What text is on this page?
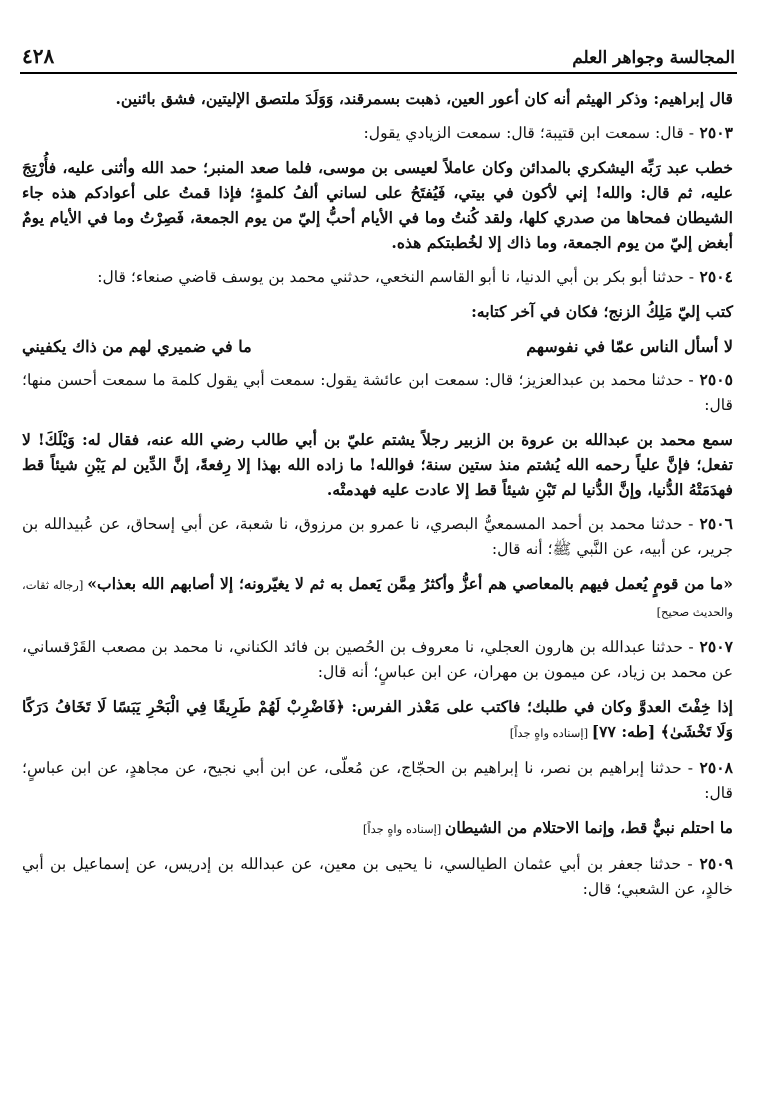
٤٢٨	المجالسة وجواهر العلم

قال إبراهيم: وذكر الهيثم أنه كان أعور العين، ذهبت بسمرقند، وَوَلَدَ ملتصق الإليتين، فشق بائنين.

٢٥٠٣ - قال: سمعت ابن قتيبة؛ قال: سمعت الزيادي يقول:

خطب عبد رَبِّه اليشكري بالمدائن وكان عاملاً لعيسى بن موسى، فلما صعد المنبر؛ حمد الله وأثنى عليه، فأُرْتِجَ عليه، ثم قال: والله! إني لأكون في بيتي، فَيُفتَحُ على لساني ألفُ كلمةٍ؛ فإذا قمتُ على أعوادكم هذه جاء الشيطان فمحاها من صدري كلها، ولقد كُنتُ وما في الأيام أحبُّ إليّ من يوم الجمعة، فَصِرْتُ وما في الأيام يومٌ أبغض إليّ من يوم الجمعة، وما ذاك إلا لخُطبتكم هذه.

٢٥٠٤ - حدثنا أبو بكر بن أبي الدنيا، نا أبو القاسم النخعي، حدثني محمد بن يوسف قاضي صنعاء؛ قال:

كتب إليّ مَلِكُ الزنج؛ فكان في آخر كتابه:

لا أسأل الناس عمّا في نفوسهم
ما في ضميري لهم من ذاك يكفيني

٢٥٠٥ - حدثنا محمد بن عبدالعزيز؛ قال: سمعت ابن عائشة يقول: سمعت أبي يقول كلمة ما سمعت أحسن منها؛ قال:

سمع محمد بن عبدالله بن عروة بن الزبير رجلاً يشتم عليّ بن أبي طالب رضي الله عنه، فقال له: وَيْلَكَ! لا تفعل؛ فإنَّ علياً رحمه الله يُشتم منذ ستين سنة؛ فوالله! ما زاده الله بهذا إلا رِفعةً، إنَّ الدِّين لم يَبْنِ شيئاً قط فهدَمَتْهُ الدُّنيا، وإنَّ الدُّنيا لم تَبْنِ شيئاً قط إلا عادت عليه فهدمتْه.

٢٥٠٦ - حدثنا محمد بن أحمد المسمعيُّ البصري، نا عمرو بن مرزوق، نا شعبة، عن أبي إسحاق، عن عُبيدالله بن جرير، عن أبيه، عن النَّبي ﷺ؛ أنه قال:

«ما من قومٍ يُعمل فيهم بالمعاصي هم أعزُّ وأكثرُ مِمَّن يَعمل به ثم لا يغيّرونه؛ إلا أصابهم الله بعذاب» [رجاله ثقات، والحديث صحيح]

٢٥٠٧ - حدثنا عبدالله بن هارون العجلي، نا معروف بن الحُصين بن فائد الكناني، نا محمد بن مصعب القَرْقساني، عن محمد بن زياد، عن ميمون بن مهران، عن ابن عباسٍ؛ أنه قال:

إذا خِفْتَ العدوَّ وكان في طلبك؛ فاكتب على مَعْذر الفرس: ﴿فَاضْرِبْ لَهُمْ طَرِيقًا فِي الْبَحْرِ يَبَسًا لَا تَخَافُ دَرَكًا وَلَا تَخْشَىٰ﴾ [طه: ٧٧] [إسناده واهٍ جداً]

٢٥٠٨ - حدثنا إبراهيم بن نصر، نا إبراهيم بن الحجّاج، عن مُعلّى، عن ابن أبي نجيح، عن مجاهدٍ، عن ابن عباسٍ؛ قال:

ما احتلم نبيٌّ قط، وإنما الاحتلام من الشيطان [إسناده واهٍ جداً]

٢٥٠٩ - حدثنا جعفر بن أبي عثمان الطيالسي، نا يحيى بن معين، عن عبدالله بن إدريس، عن إسماعيل بن أبي خالدٍ، عن الشعبي؛ قال:
